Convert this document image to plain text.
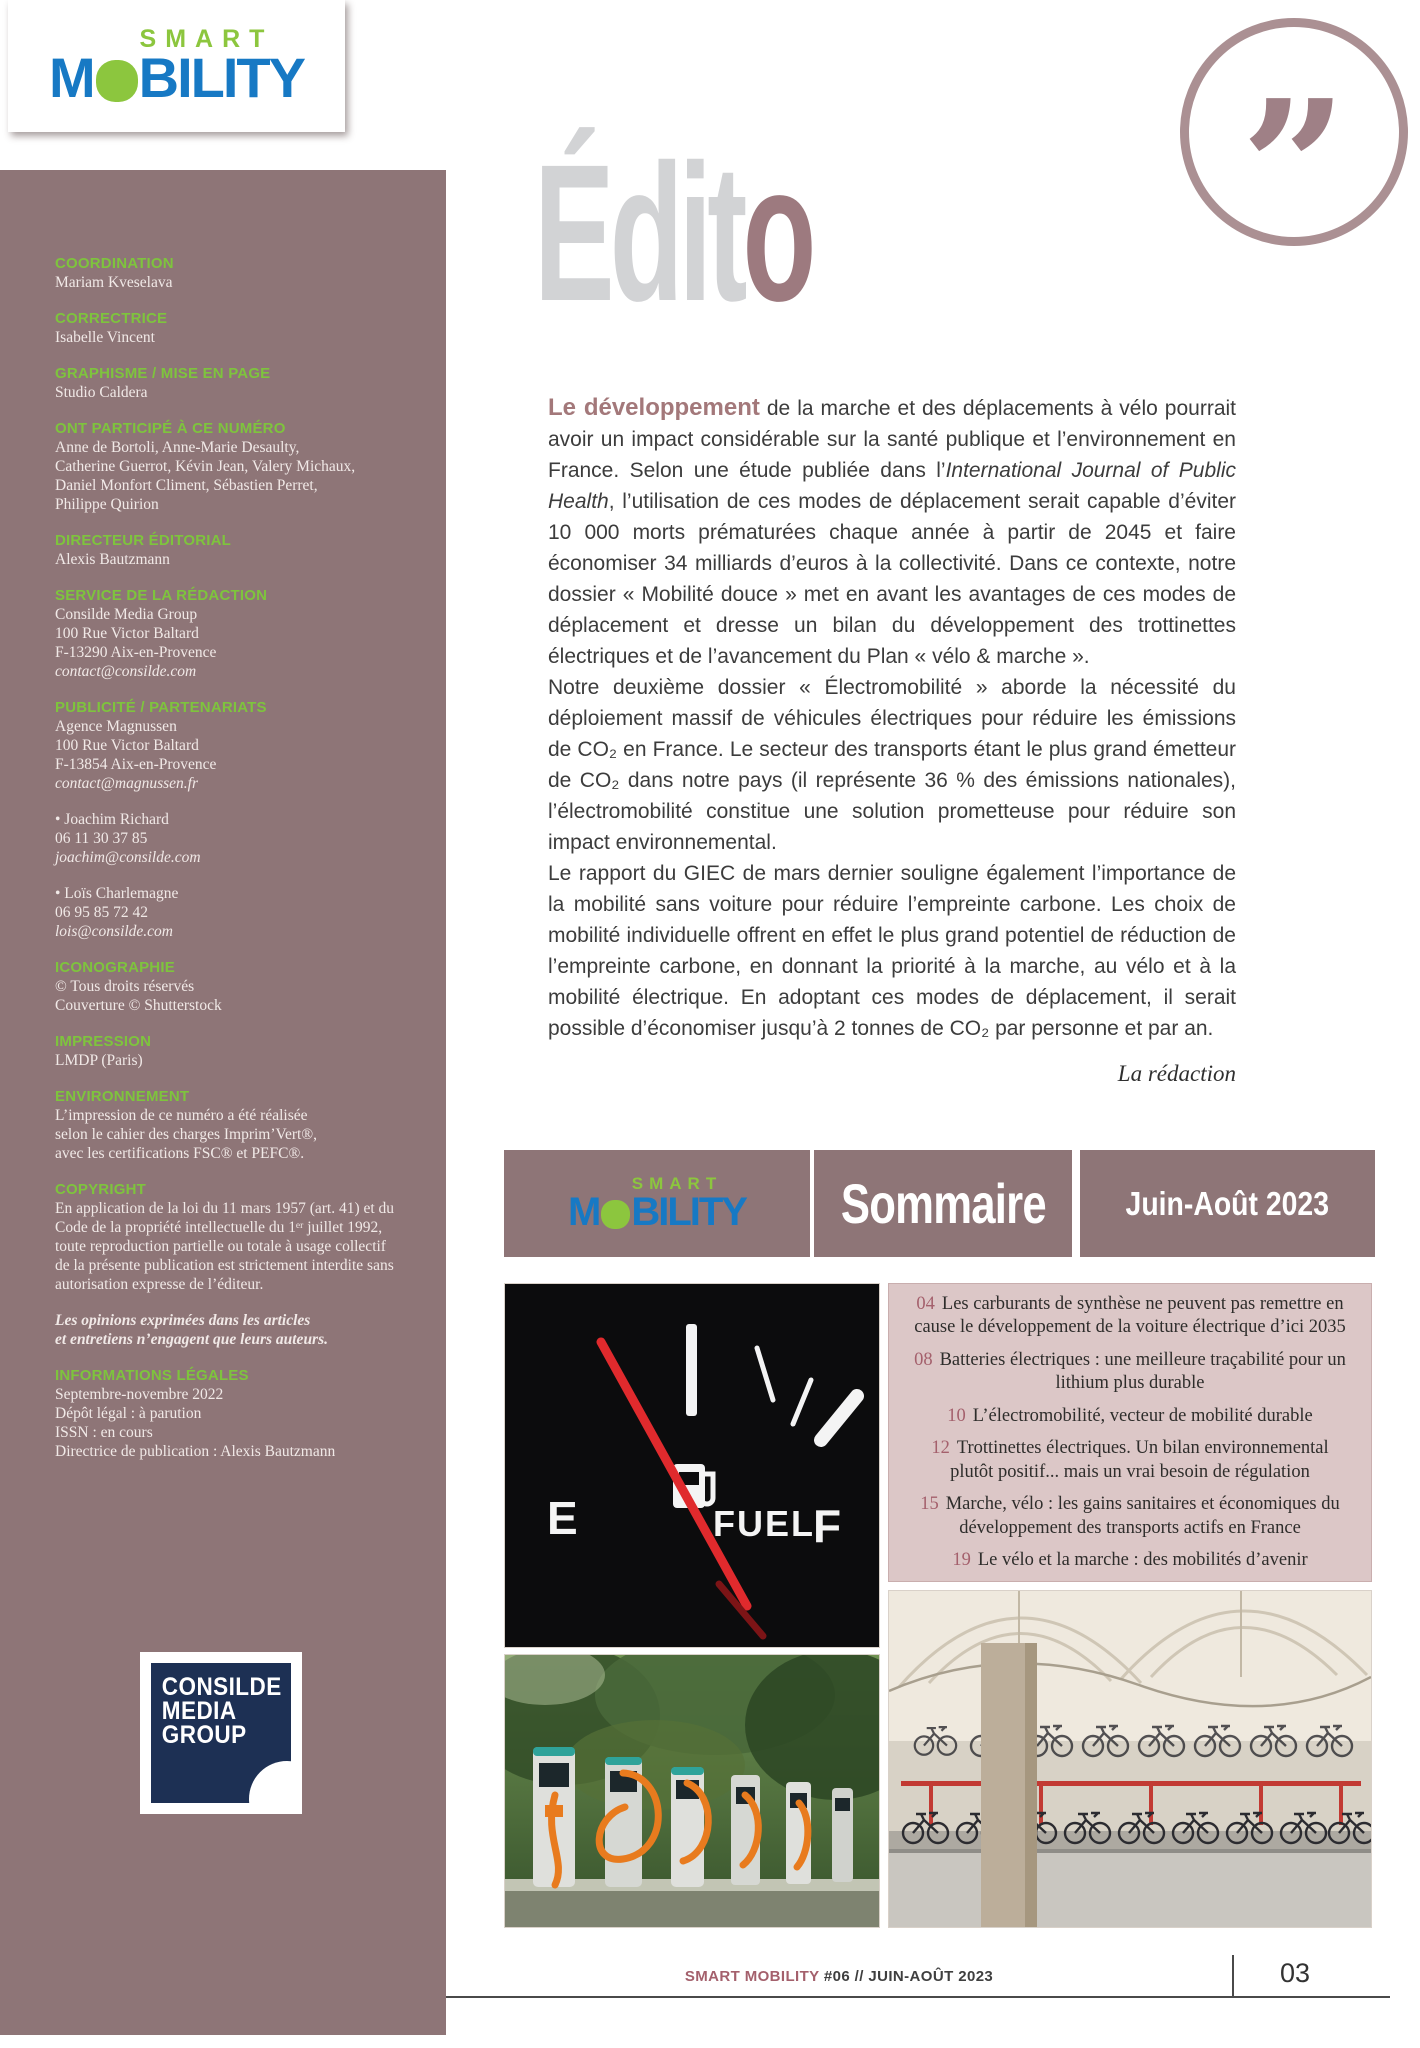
COORDINATION
Mariam Kveselava
CORRECTRICE
Isabelle Vincent
GRAPHISME / MISE EN PAGE
Studio Caldera
ONT PARTICIPÉ À CE NUMÉRO
Anne de Bortoli, Anne-Marie Desaulty,
Catherine Guerrot, Kévin Jean, Valery Michaux,
Daniel Monfort Climent, Sébastien Perret,
Philippe Quirion
DIRECTEUR ÉDITORIAL
Alexis Bautzmann
SERVICE DE LA RÉDACTION
Consilde Media Group
100 Rue Victor Baltard
F-13290 Aix-en-Provence
contact@consilde.com
PUBLICITÉ / PARTENARIATS
Agence Magnussen
100 Rue Victor Baltard
F-13854 Aix-en-Provence
contact@magnussen.fr
• Joachim Richard
06 11 30 37 85
joachim@consilde.com
• Loïs Charlemagne
06 95 85 72 42
lois@consilde.com
ICONOGRAPHIE
© Tous droits réservés
Couverture © Shutterstock
IMPRESSION
LMDP (Paris)
ENVIRONNEMENT
L’impression de ce numéro a été réalisée
selon le cahier des charges Imprim’Vert®,
avec les certifications FSC® et PEFC®.
COPYRIGHT
En application de la loi du 11 mars 1957 (art. 41) et du
Code de la propriété intellectuelle du 1ᵉʳ juillet 1992,
toute reproduction partielle ou totale à usage collectif
de la présente publication est strictement interdite sans
autorisation expresse de l’éditeur.
Les opinions exprimées dans les articles
et entretiens n’engagent que leurs auteurs.
INFORMATIONS LÉGALES
Septembre-novembre 2022
Dépôt légal : à parution
ISSN : en cours
Directrice de publication : Alexis Bautzmann
CONSILDE
MEDIA
GROUP
SMART
M BILITY	”
Édito

Le développement de la marche et des déplacements à vélo pourrait avoir un impact considérable sur la santé publique et l’environnement en France. Selon une étude publiée dans l’International Journal of Public Health, l’utilisation de ces modes de déplacement serait capable d’éviter 10 000 morts prématurées chaque année à partir de 2045 et faire économiser 34 milliards d’euros à la collectivité. Dans ce contexte, notre dossier « Mobilité douce » met en avant les avantages de ces modes de déplacement et dresse un bilan du développement des trottinettes électriques et de l’avancement du Plan « vélo & marche ».

Notre deuxième dossier « Électromobilité » aborde la nécessité du déploiement massif de véhicules électriques pour réduire les émissions de CO₂ en France. Le secteur des transports étant le plus grand émetteur de CO₂ dans notre pays (il représente 36 % des émissions nationales), l’électromobilité constitue une solution prometteuse pour réduire son impact environnemental.

Le rapport du GIEC de mars dernier souligne également l’importance de la mobilité sans voiture pour réduire l’empreinte carbone. Les choix de mobilité individuelle offrent en effet le plus grand potentiel de réduction de l’empreinte carbone, en donnant la priorité à la marche, au vélo et à la mobilité électrique. En adoptant ces modes de déplacement, il serait possible d’économiser jusqu’à 2 tonnes de CO₂ par personne et par an.

La rédaction
SMART
M BILITY Sommaire Juin-Août 2023
E	F
FUEL
04 Les carburants de synthèse ne peuvent pas remettre en cause le développement de la voiture électrique d’ici 2035
08 Batteries électriques : une meilleure traçabilité pour un lithium plus durable
10 L’électromobilité, vecteur de mobilité durable
12 Trottinettes électriques. Un bilan environnemental plutôt positif... mais un vrai besoin de régulation
15 Marche, vélo : les gains sanitaires et économiques du développement des transports actifs en France
19 Le vélo et la marche : des mobilités d’avenir
SMART MOBILITY #06 // JUIN-AOÛT 2023	03
